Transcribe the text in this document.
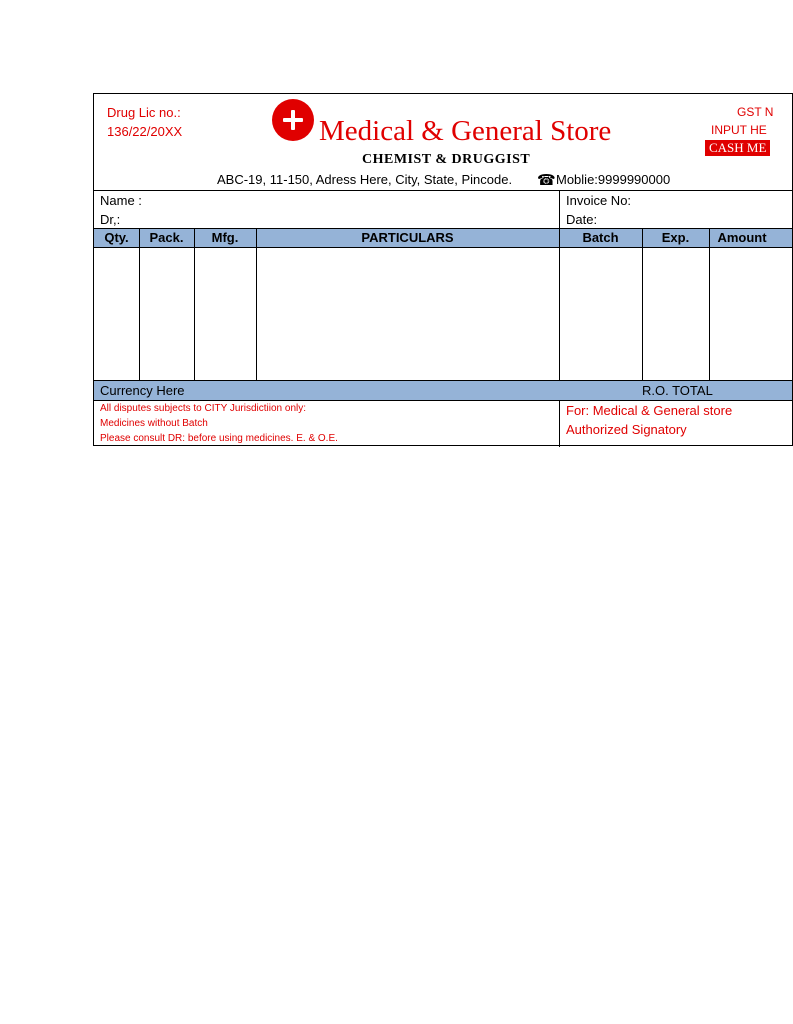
Drug Lic no.:
136/22/20XX	Medical & General Store
CHEMIST & DRUGGIST
ABC-19, 11-150, Adress Here, City, State, Pincode. ☎ Moblie:9999990000
GST N
INPUT HE
CASH ME
Name :
Dr,:
Invoice No:
Date:
Qty.	Pack.	Mfg.	PARTICULARS	Batch	Exp.	Amount
Currency Here	R.O. TOTAL
All disputes subjects to CITY Jurisdictiion only:
Medicines without Batch
Please consult DR: before using medicines. E. & O.E.
For: Medical & General store
Authorized Signatory
